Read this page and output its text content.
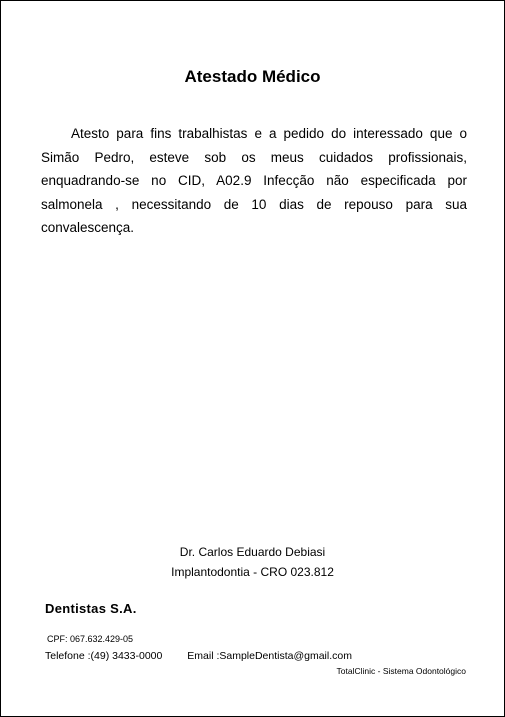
Atestado Médico

Atesto para fins trabalhistas e a pedido do interessado que o Simão Pedro, esteve sob os meus cuidados profissionais, enquadrando-se no CID, A02.9 Infecção não especificada por salmonela , necessitando de 10 dias de repouso para sua convalescença.

Dr. Carlos Eduardo Debiasi
Implantodontia - CRO 023.812
Dentistas S.A.
CPF: 067.632.429-05
Telefone :(49) 3433-0000 Email :SampleDentista@gmail.com
TotalClinic - Sistema Odontológico
